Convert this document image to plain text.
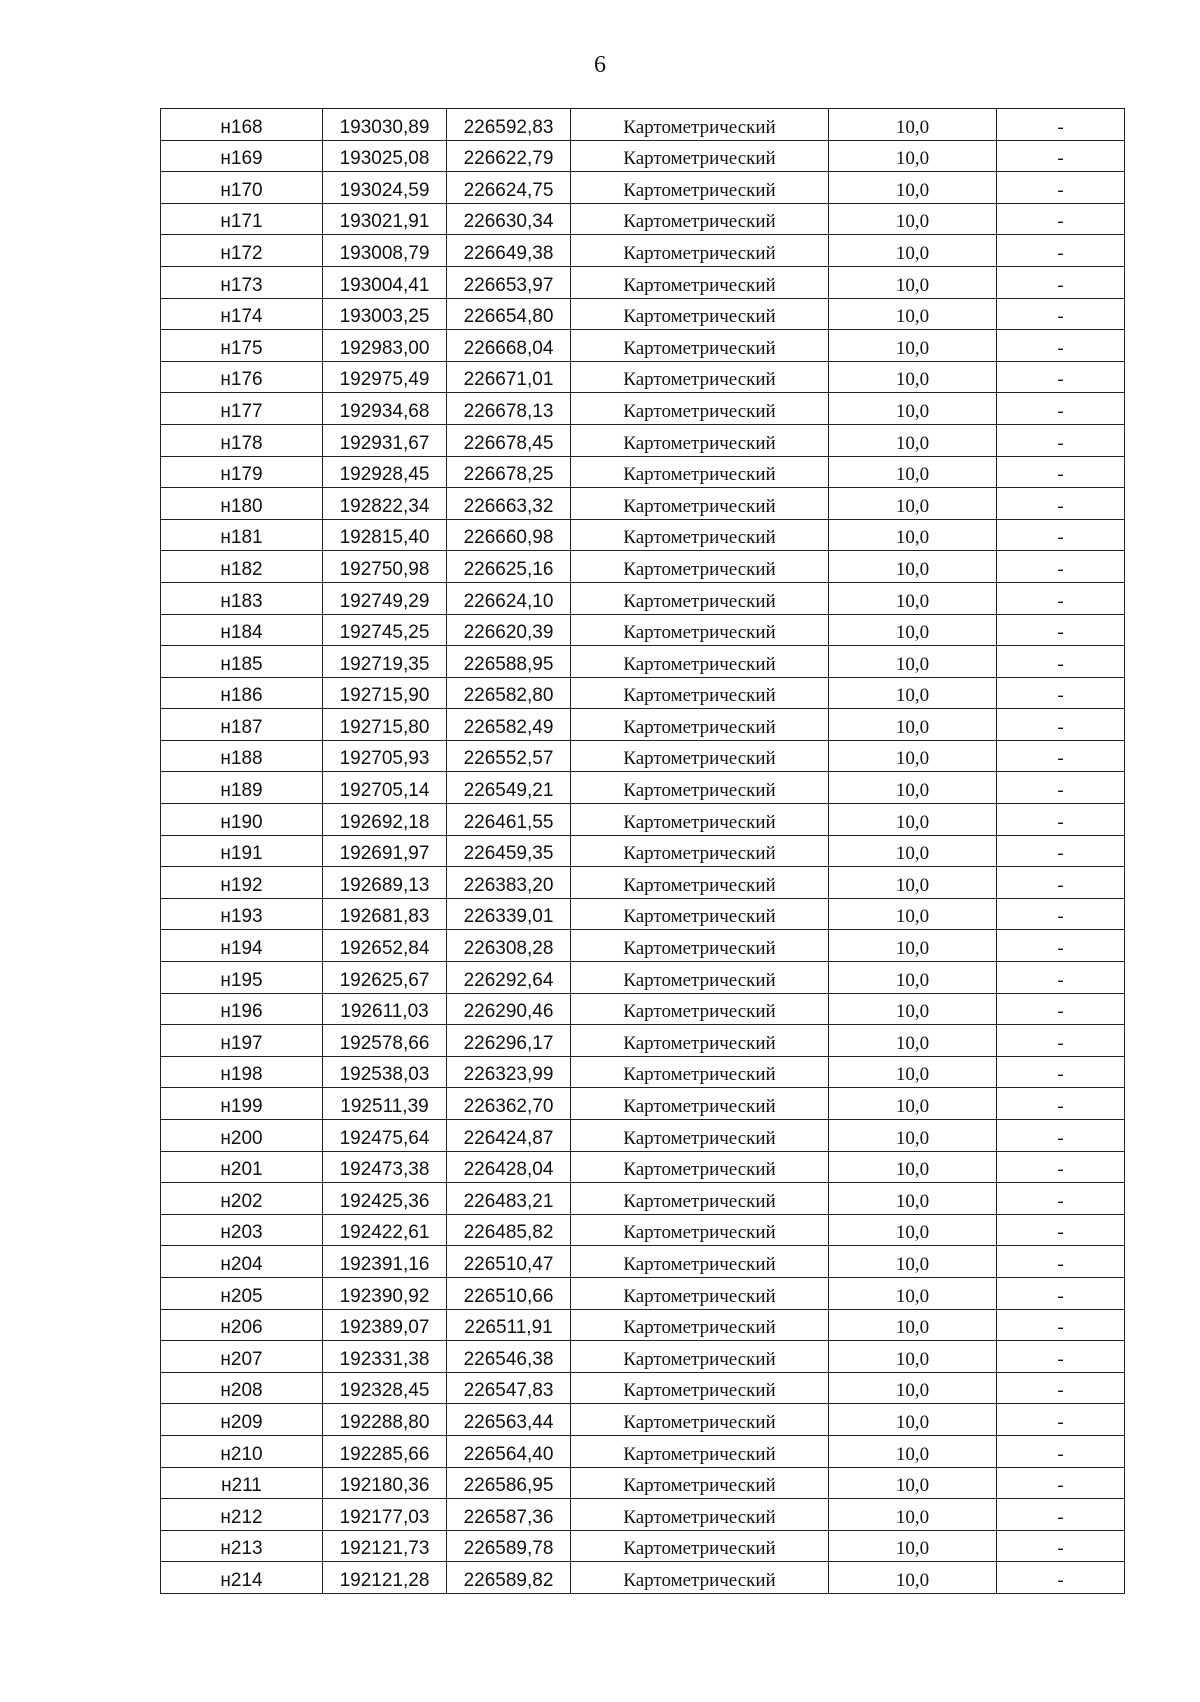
6
н168	193030,89	226592,83	Картометрический	10,0	-
н169	193025,08	226622,79	Картометрический	10,0	-
н170	193024,59	226624,75	Картометрический	10,0	-
н171	193021,91	226630,34	Картометрический	10,0	-
н172	193008,79	226649,38	Картометрический	10,0	-
н173	193004,41	226653,97	Картометрический	10,0	-
н174	193003,25	226654,80	Картометрический	10,0	-
н175	192983,00	226668,04	Картометрический	10,0	-
н176	192975,49	226671,01	Картометрический	10,0	-
н177	192934,68	226678,13	Картометрический	10,0	-
н178	192931,67	226678,45	Картометрический	10,0	-
н179	192928,45	226678,25	Картометрический	10,0	-
н180	192822,34	226663,32	Картометрический	10,0	-
н181	192815,40	226660,98	Картометрический	10,0	-
н182	192750,98	226625,16	Картометрический	10,0	-
н183	192749,29	226624,10	Картометрический	10,0	-
н184	192745,25	226620,39	Картометрический	10,0	-
н185	192719,35	226588,95	Картометрический	10,0	-
н186	192715,90	226582,80	Картометрический	10,0	-
н187	192715,80	226582,49	Картометрический	10,0	-
н188	192705,93	226552,57	Картометрический	10,0	-
н189	192705,14	226549,21	Картометрический	10,0	-
н190	192692,18	226461,55	Картометрический	10,0	-
н191	192691,97	226459,35	Картометрический	10,0	-
н192	192689,13	226383,20	Картометрический	10,0	-
н193	192681,83	226339,01	Картометрический	10,0	-
н194	192652,84	226308,28	Картометрический	10,0	-
н195	192625,67	226292,64	Картометрический	10,0	-
н196	192611,03	226290,46	Картометрический	10,0	-
н197	192578,66	226296,17	Картометрический	10,0	-
н198	192538,03	226323,99	Картометрический	10,0	-
н199	192511,39	226362,70	Картометрический	10,0	-
н200	192475,64	226424,87	Картометрический	10,0	-
н201	192473,38	226428,04	Картометрический	10,0	-
н202	192425,36	226483,21	Картометрический	10,0	-
н203	192422,61	226485,82	Картометрический	10,0	-
н204	192391,16	226510,47	Картометрический	10,0	-
н205	192390,92	226510,66	Картометрический	10,0	-
н206	192389,07	226511,91	Картометрический	10,0	-
н207	192331,38	226546,38	Картометрический	10,0	-
н208	192328,45	226547,83	Картометрический	10,0	-
н209	192288,80	226563,44	Картометрический	10,0	-
н210	192285,66	226564,40	Картометрический	10,0	-
н211	192180,36	226586,95	Картометрический	10,0	-
н212	192177,03	226587,36	Картометрический	10,0	-
н213	192121,73	226589,78	Картометрический	10,0	-
н214	192121,28	226589,82	Картометрический	10,0	-
